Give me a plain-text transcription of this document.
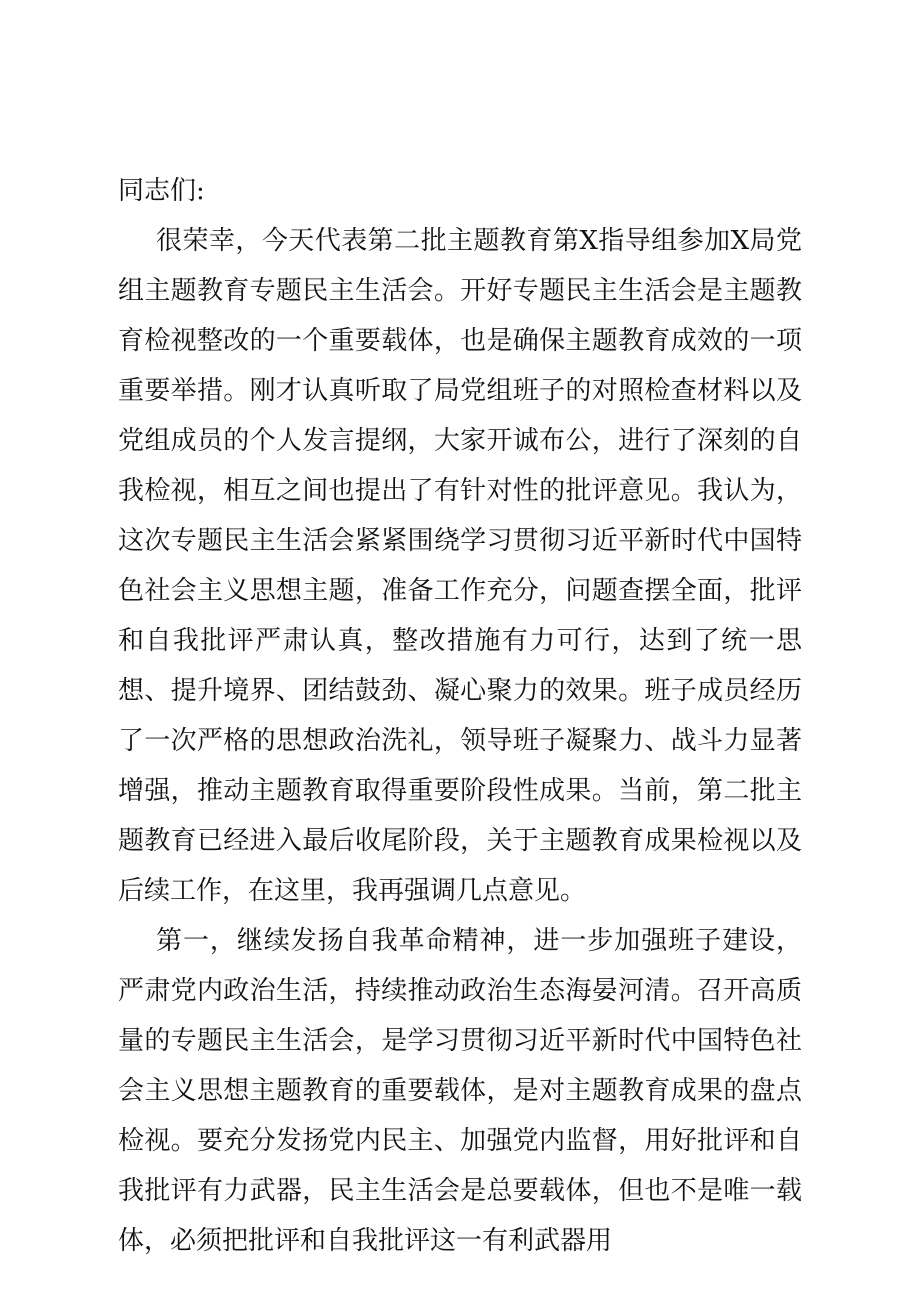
同志们:

很荣幸，今天代表第二批主题教育第X指导组参加X局党组主题教育专题民主生活会。开好专题民主生活会是主题教育检视整改的一个重要载体，也是确保主题教育成效的一项重要举措。刚才认真听取了局党组班子的对照检查材料以及党组成员的个人发言提纲，大家开诚布公，进行了深刻的自我检视，相互之间也提出了有针对性的批评意见。我认为，这次专题民主生活会紧紧围绕学习贯彻习近平新时代中国特色社会主义思想主题，准备工作充分，问题查摆全面，批评和自我批评严肃认真，整改措施有力可行，达到了统一思想、提升境界、团结鼓劲、凝心聚力的效果。班子成员经历了一次严格的思想政治洗礼，领导班子凝聚力、战斗力显著增强，推动主题教育取得重要阶段性成果。当前，第二批主题教育已经进入最后收尾阶段，关于主题教育成果检视以及后续工作，在这里，我再强调几点意见。

第一，继续发扬自我革命精神，进一步加强班子建设，严肃党内政治生活，持续推动政治生态海晏河清。召开高质量的专题民主生活会，是学习贯彻习近平新时代中国特色社会主义思想主题教育的重要载体，是对主题教育成果的盘点检视。要充分发扬党内民主、加强党内监督，用好批评和自我批评有力武器，民主生活会是总要载体，但也不是唯一载体，必须把批评和自我批评这一有利武器用
